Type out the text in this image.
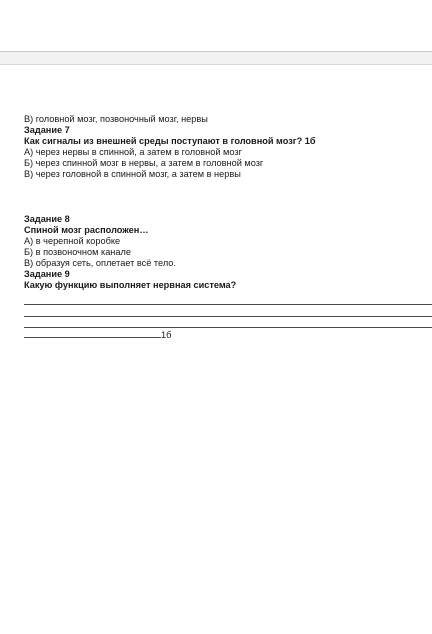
В) головной мозг, позвоночный мозг, нервы
Задание 7
Как сигналы из внешней среды поступают в головной мозг? 1б
А) через нервы в спинной, а затем в головной мозг
Б) через спинной мозг в нервы, а затем в головной мозг
В) через головной в спинной мозг, а затем в нервы
Задание 8
Спиной мозг расположен…
А) в черепной коробке
Б) в позвоночном канале
В) образуя сеть, оплетает всё тело.
Задание 9
Какую функцию выполняет нервная система?
1б
